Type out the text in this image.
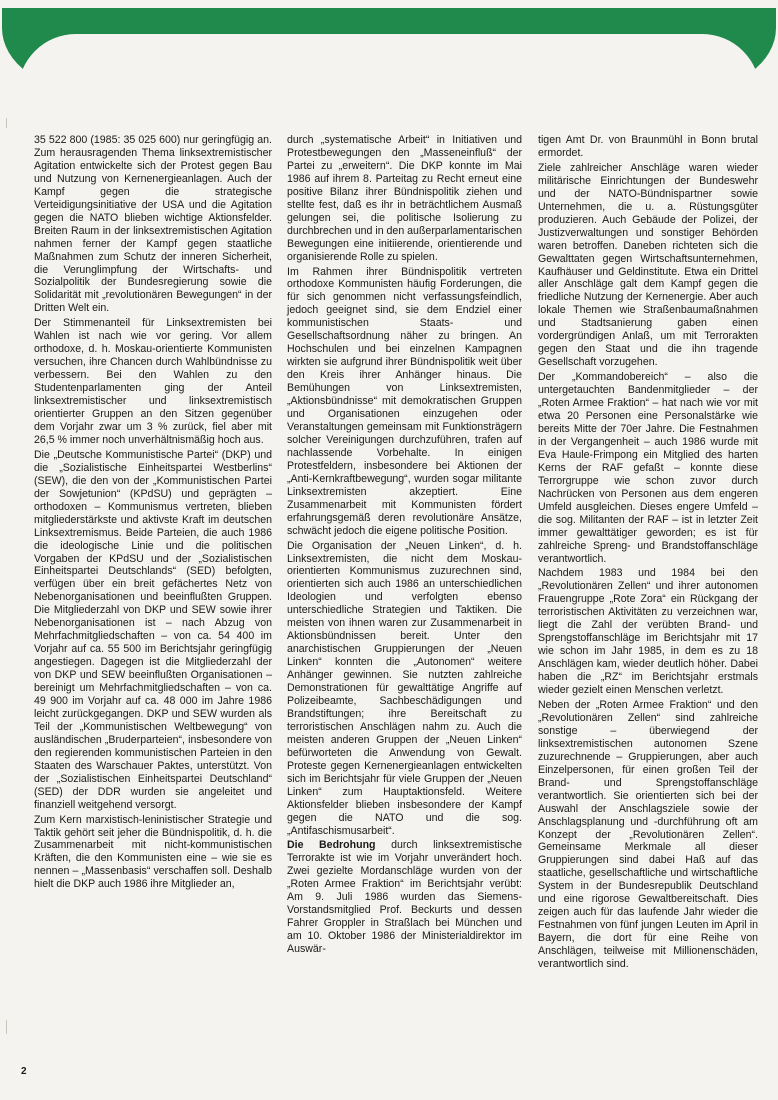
35 522 800 (1985: 35 025 600) nur geringfügig an. Zum herausragenden Thema linksextremistischer Agitation entwickelte sich der Protest gegen Bau und Nutzung von Kernenergieanlagen. Auch der Kampf gegen die strategische Verteidigungsinitiative der USA und die Agitation gegen die NATO blieben wichtige Aktionsfelder. Breiten Raum in der linksextremistischen Agitation nahmen ferner der Kampf gegen staatliche Maßnahmen zum Schutz der inneren Sicherheit, die Verunglimpfung der Wirtschafts- und Sozialpolitik der Bundesregierung sowie die Solidarität mit „revolutionären Bewegungen“ in der Dritten Welt ein.

Der Stimmenanteil für Linksextremisten bei Wahlen ist nach wie vor gering. Vor allem orthodoxe, d. h. Moskau-orientierte Kommunisten versuchen, ihre Chancen durch Wahlbündnisse zu verbessern. Bei den Wahlen zu den Studentenparlamenten ging der Anteil linksextremistischer und linksextremistisch orientierter Gruppen an den Sitzen gegenüber dem Vorjahr zwar um 3 % zurück, fiel aber mit 26,5 % immer noch unverhältnismäßig hoch aus.

Die „Deutsche Kommunistische Partei“ (DKP) und die „Sozialistische Einheitspartei Westberlins“ (SEW), die den von der „Kommunistischen Partei der Sowjetunion“ (KPdSU) und geprägten – orthodoxen – Kommunismus vertreten, blieben mitgliederstärkste und aktivste Kraft im deutschen Linksextremismus. Beide Parteien, die auch 1986 die ideologische Linie und die politischen Vorgaben der KPdSU und der „Sozialistischen Einheitspartei Deutschlands“ (SED) befolgten, verfügen über ein breit gefächertes Netz von Nebenorganisationen und beeinflußten Gruppen. Die Mitgliederzahl von DKP und SEW sowie ihrer Nebenorganisationen ist – nach Abzug von Mehrfachmitgliedschaften – von ca. 54 400 im Vorjahr auf ca. 55 500 im Berichtsjahr geringfügig angestiegen. Dagegen ist die Mitgliederzahl der von DKP und SEW beeinflußten Organisationen – bereinigt um Mehrfachmitgliedschaften – von ca. 49 900 im Vorjahr auf ca. 48 000 im Jahre 1986 leicht zurückgegangen. DKP und SEW wurden als Teil der „Kommunistischen Weltbewegung“ von ausländischen „Bruderparteien“, insbesondere von den regierenden kommunistischen Parteien in den Staaten des Warschauer Paktes, unterstützt. Von der „Sozialistischen Einheitspartei Deutschland“ (SED) der DDR wurden sie angeleitet und finanziell weitgehend versorgt.

Zum Kern marxistisch-leninistischer Strategie und Taktik gehört seit jeher die Bündnispolitik, d. h. die Zusammenarbeit mit nicht-kommunistischen Kräften, die den Kommunisten eine – wie sie es nennen – „Massenbasis“ verschaffen soll. Deshalb hielt die DKP auch 1986 ihre Mitglieder an,

durch „systematische Arbeit“ in Initiativen und Protestbewegungen den „Masseneinfluß“ der Partei zu „erweitern“. Die DKP konnte im Mai 1986 auf ihrem 8. Parteitag zu Recht erneut eine positive Bilanz ihrer Bündnispolitik ziehen und stellte fest, daß es ihr in beträchtlichem Ausmaß gelungen sei, die politische Isolierung zu durchbrechen und in den außerparlamentarischen Bewegungen eine initiierende, orientierende und organisierende Rolle zu spielen.

Im Rahmen ihrer Bündnispolitik vertreten orthodoxe Kommunisten häufig Forderungen, die für sich genommen nicht verfassungsfeindlich, jedoch geeignet sind, sie dem Endziel einer kommunistischen Staats- und Gesellschaftsordnung näher zu bringen. An Hochschulen und bei einzelnen Kampagnen wirkten sie aufgrund ihrer Bündnispolitik weit über den Kreis ihrer Anhänger hinaus. Die Bemühungen von Linksextremisten, „Aktionsbündnisse“ mit demokratischen Gruppen und Organisationen einzugehen oder Veranstaltungen gemeinsam mit Funktionsträgern solcher Vereinigungen durchzuführen, trafen auf nachlassende Vorbehalte. In einigen Protestfeldern, insbesondere bei Aktionen der „Anti-Kernkraftbewegung“, wurden sogar militante Linksextremisten akzeptiert. Eine Zusammenarbeit mit Kommunisten fördert erfahrungsgemäß deren revolutionäre Ansätze, schwächt jedoch die eigene politische Position.

Die Organisation der „Neuen Linken“, d. h. Linksextremisten, die nicht dem Moskau-orientierten Kommunismus zuzurechnen sind, orientierten sich auch 1986 an unterschiedlichen Ideologien und verfolgten ebenso unterschiedliche Strategien und Taktiken. Die meisten von ihnen waren zur Zusammenarbeit in Aktionsbündnissen bereit. Unter den anarchistischen Gruppierungen der „Neuen Linken“ konnten die „Autonomen“ weitere Anhänger gewinnen. Sie nutzten zahlreiche Demonstrationen für gewalttätige Angriffe auf Polizeibeamte, Sachbeschädigungen und Brandstiftungen; ihre Bereitschaft zu terroristischen Anschlägen nahm zu. Auch die meisten anderen Gruppen der „Neuen Linken“ befürworteten die Anwendung von Gewalt. Proteste gegen Kernenergieanlagen entwickelten sich im Berichtsjahr für viele Gruppen der „Neuen Linken“ zum Hauptaktionsfeld. Weitere Aktionsfelder blieben insbesondere der Kampf gegen die NATO und die sog. „Antifaschismusarbeit“.

Die Bedrohung durch linksextremistische Terrorakte ist wie im Vorjahr unverändert hoch. Zwei gezielte Mordanschläge wurden von der „Roten Armee Fraktion“ im Berichtsjahr verübt: Am 9. Juli 1986 wurden das Siemens-Vorstandsmitglied Prof. Beckurts und dessen Fahrer Groppler in Straßlach bei München und am 10. Oktober 1986 der Ministerialdirektor im Auswär-

tigen Amt Dr. von Braunmühl in Bonn brutal ermordet.

Ziele zahlreicher Anschläge waren wieder militärische Einrichtungen der Bundeswehr und der NATO-Bündnispartner sowie Unternehmen, die u. a. Rüstungsgüter produzieren. Auch Gebäude der Polizei, der Justizverwaltungen und sonstiger Behörden waren betroffen. Daneben richteten sich die Gewalttaten gegen Wirtschaftsunternehmen, Kaufhäuser und Geldinstitute. Etwa ein Drittel aller Anschläge galt dem Kampf gegen die friedliche Nutzung der Kernenergie. Aber auch lokale Themen wie Straßenbaumaßnahmen und Stadtsanierung gaben einen vordergründigen Anlaß, um mit Terrorakten gegen den Staat und die ihn tragende Gesellschaft vorzugehen.

Der „Kommandobereich“ – also die untergetauchten Bandenmitglieder – der „Roten Armee Fraktion“ – hat nach wie vor mit etwa 20 Personen eine Personalstärke wie bereits Mitte der 70er Jahre. Die Festnahmen in der Vergangenheit – auch 1986 wurde mit Eva Haule-Frimpong ein Mitglied des harten Kerns der RAF gefaßt – konnte diese Terrorgruppe wie schon zuvor durch Nachrücken von Personen aus dem engeren Umfeld ausgleichen. Dieses engere Umfeld – die sog. Militanten der RAF – ist in letzter Zeit immer gewalttätiger geworden; es ist für zahlreiche Spreng- und Brandstoffanschläge verantwortlich.

Nachdem 1983 und 1984 bei den „Revolutionären Zellen“ und ihrer autonomen Frauengruppe „Rote Zora“ ein Rückgang der terroristischen Aktivitäten zu verzeichnen war, liegt die Zahl der verübten Brand- und Sprengstoffanschläge im Berichtsjahr mit 17 wie schon im Jahr 1985, in dem es zu 18 Anschlägen kam, wieder deutlich höher. Dabei haben die „RZ“ im Berichtsjahr erstmals wieder gezielt einen Menschen verletzt.

Neben der „Roten Armee Fraktion“ und den „Revolutionären Zellen“ sind zahlreiche sonstige – überwiegend der linksextremistischen autonomen Szene zuzurechnende – Gruppierungen, aber auch Einzelpersonen, für einen großen Teil der Brand- und Sprengstoffanschläge verantwortlich. Sie orientierten sich bei der Auswahl der Anschlagsziele sowie der Anschlagsplanung und -durchführung oft am Konzept der „Revolutionären Zellen“. Gemeinsame Merkmale all dieser Gruppierungen sind dabei Haß auf das staatliche, gesellschaftliche und wirtschaftliche System in der Bundesrepublik Deutschland und eine rigorose Gewaltbereitschaft. Dies zeigen auch für das laufende Jahr wieder die Festnahmen von fünf jungen Leuten im April in Bayern, die dort für eine Reihe von Anschlägen, teilweise mit Millionenschäden, verantwortlich sind.

2
